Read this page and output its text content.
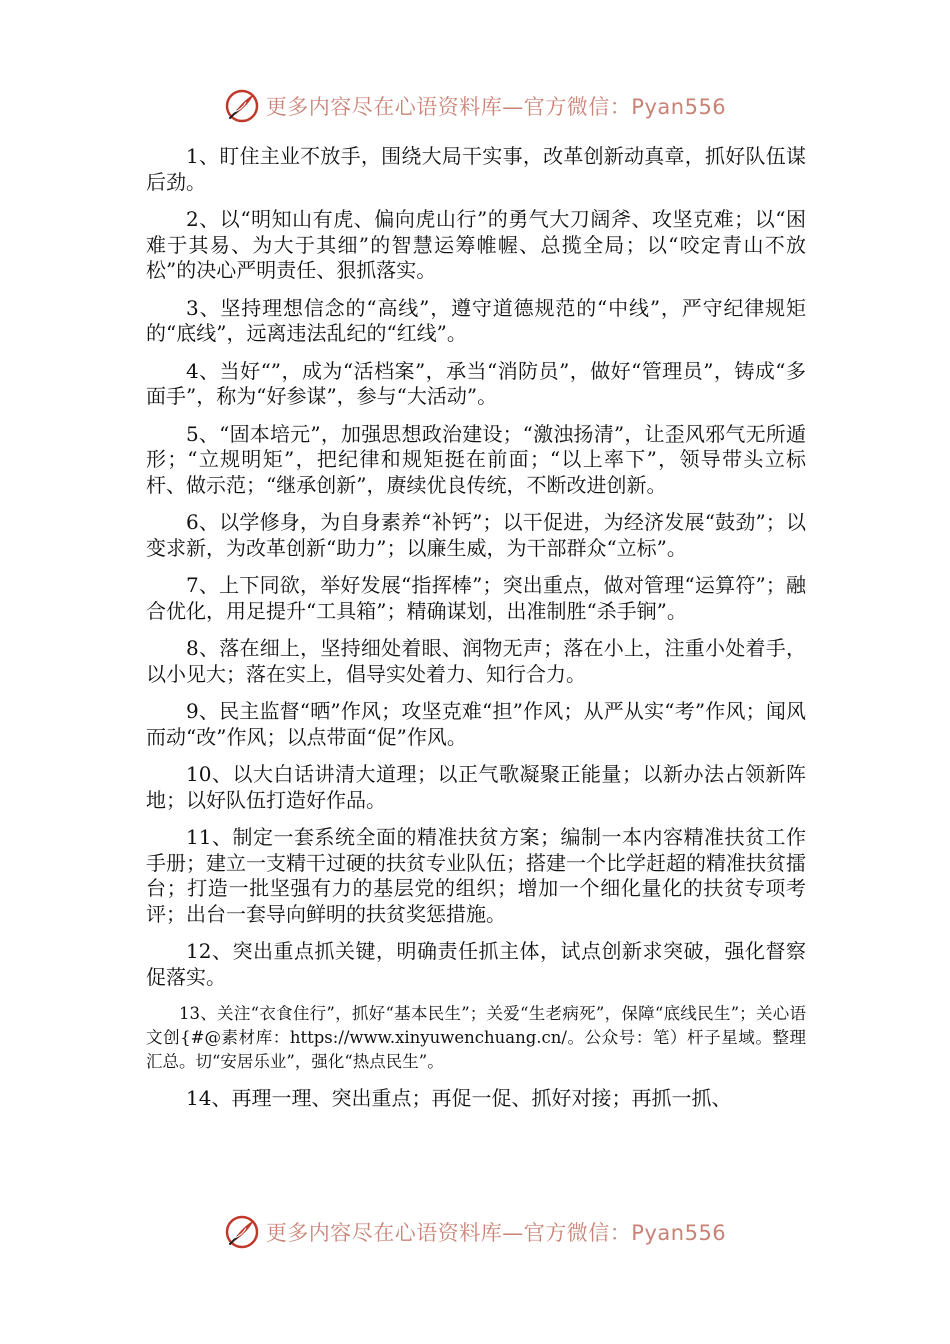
更多内容尽在心语资料库—官方微信：Pyan556

1、盯住主业不放手，围绕大局干实事，改革创新动真章，抓好队伍谋后劲。

2、以“明知山有虎、偏向虎山行”的勇气大刀阔斧、攻坚克难；以“困难于其易、为大于其细”的智慧运筹帷幄、总揽全局；以“咬定青山不放松”的决心严明责任、狠抓落实。

3、坚持理想信念的“高线”，遵守道德规范的“中线”，严守纪律规矩的“底线”，远离违法乱纪的“红线”。

4、当好“”，成为“活档案”，承当“消防员”，做好“管理员”，铸成“多面手”，称为“好参谋”，参与“大活动”。

5、“固本培元”，加强思想政治建设；“激浊扬清”，让歪风邪气无所遁形；“立规明矩”，把纪律和规矩挺在前面；“以上率下”，领导带头立标杆、做示范；“继承创新”，赓续优良传统，不断改进创新。

6、以学修身，为自身素养“补钙”；以干促进，为经济发展“鼓劲”；以变求新，为改革创新“助力”；以廉生威，为干部群众“立标”。

7、上下同欲，举好发展“指挥棒”；突出重点，做对管理“运算符”；融合优化，用足提升“工具箱”；精确谋划，出准制胜“杀手锏”。

8、落在细上，坚持细处着眼、润物无声；落在小上，注重小处着手，以小见大；落在实上，倡导实处着力、知行合力。

9、民主监督“晒”作风；攻坚克难“担”作风；从严从实“考”作风；闻风而动“改”作风；以点带面“促”作风。

10、以大白话讲清大道理；以正气歌凝聚正能量；以新办法占领新阵地；以好队伍打造好作品。

11、制定一套系统全面的精准扶贫方案；编制一本内容精准扶贫工作手册；建立一支精干过硬的扶贫专业队伍；搭建一个比学赶超的精准扶贫擂台；打造一批坚强有力的基层党的组织；增加一个细化量化的扶贫专项考评；出台一套导向鲜明的扶贫奖惩措施。

12、突出重点抓关键，明确责任抓主体，试点创新求突破，强化督察促落实。

13、关注“衣食住行”，抓好“基本民生”；关爱“生老病死”，保障“底线民生”；关心语文创{#@素材库：https://www.xinyuwenchuang.cn/。公众号：笔）杆子星域。整理汇总。切“安居乐业”，强化“热点民生”。

14、再理一理、突出重点；再促一促、抓好对接；再抓一抓、

更多内容尽在心语资料库—官方微信：Pyan556
